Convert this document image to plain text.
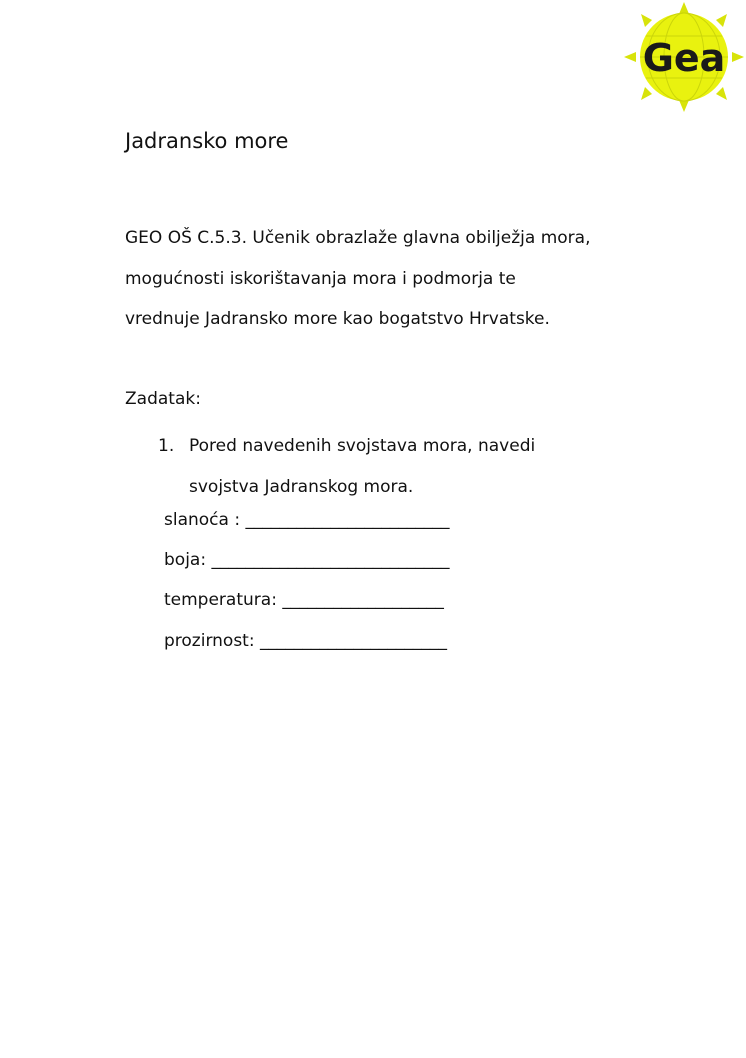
Gea
Jadransko more

GEO OŠ C.5.3. Učenik obrazlaže glavna obilježja mora,
mogućnosti iskorištavanja mora i podmorja te
vrednuje Jadransko more kao bogatstvo Hrvatske.

Zadatak:
1. Pored navedenih svojstava mora, navedi
svojstva Jadranskog mora.
slanoća : ________________________
boja: ____________________________
temperatura: ___________________
prozirnost: ______________________
